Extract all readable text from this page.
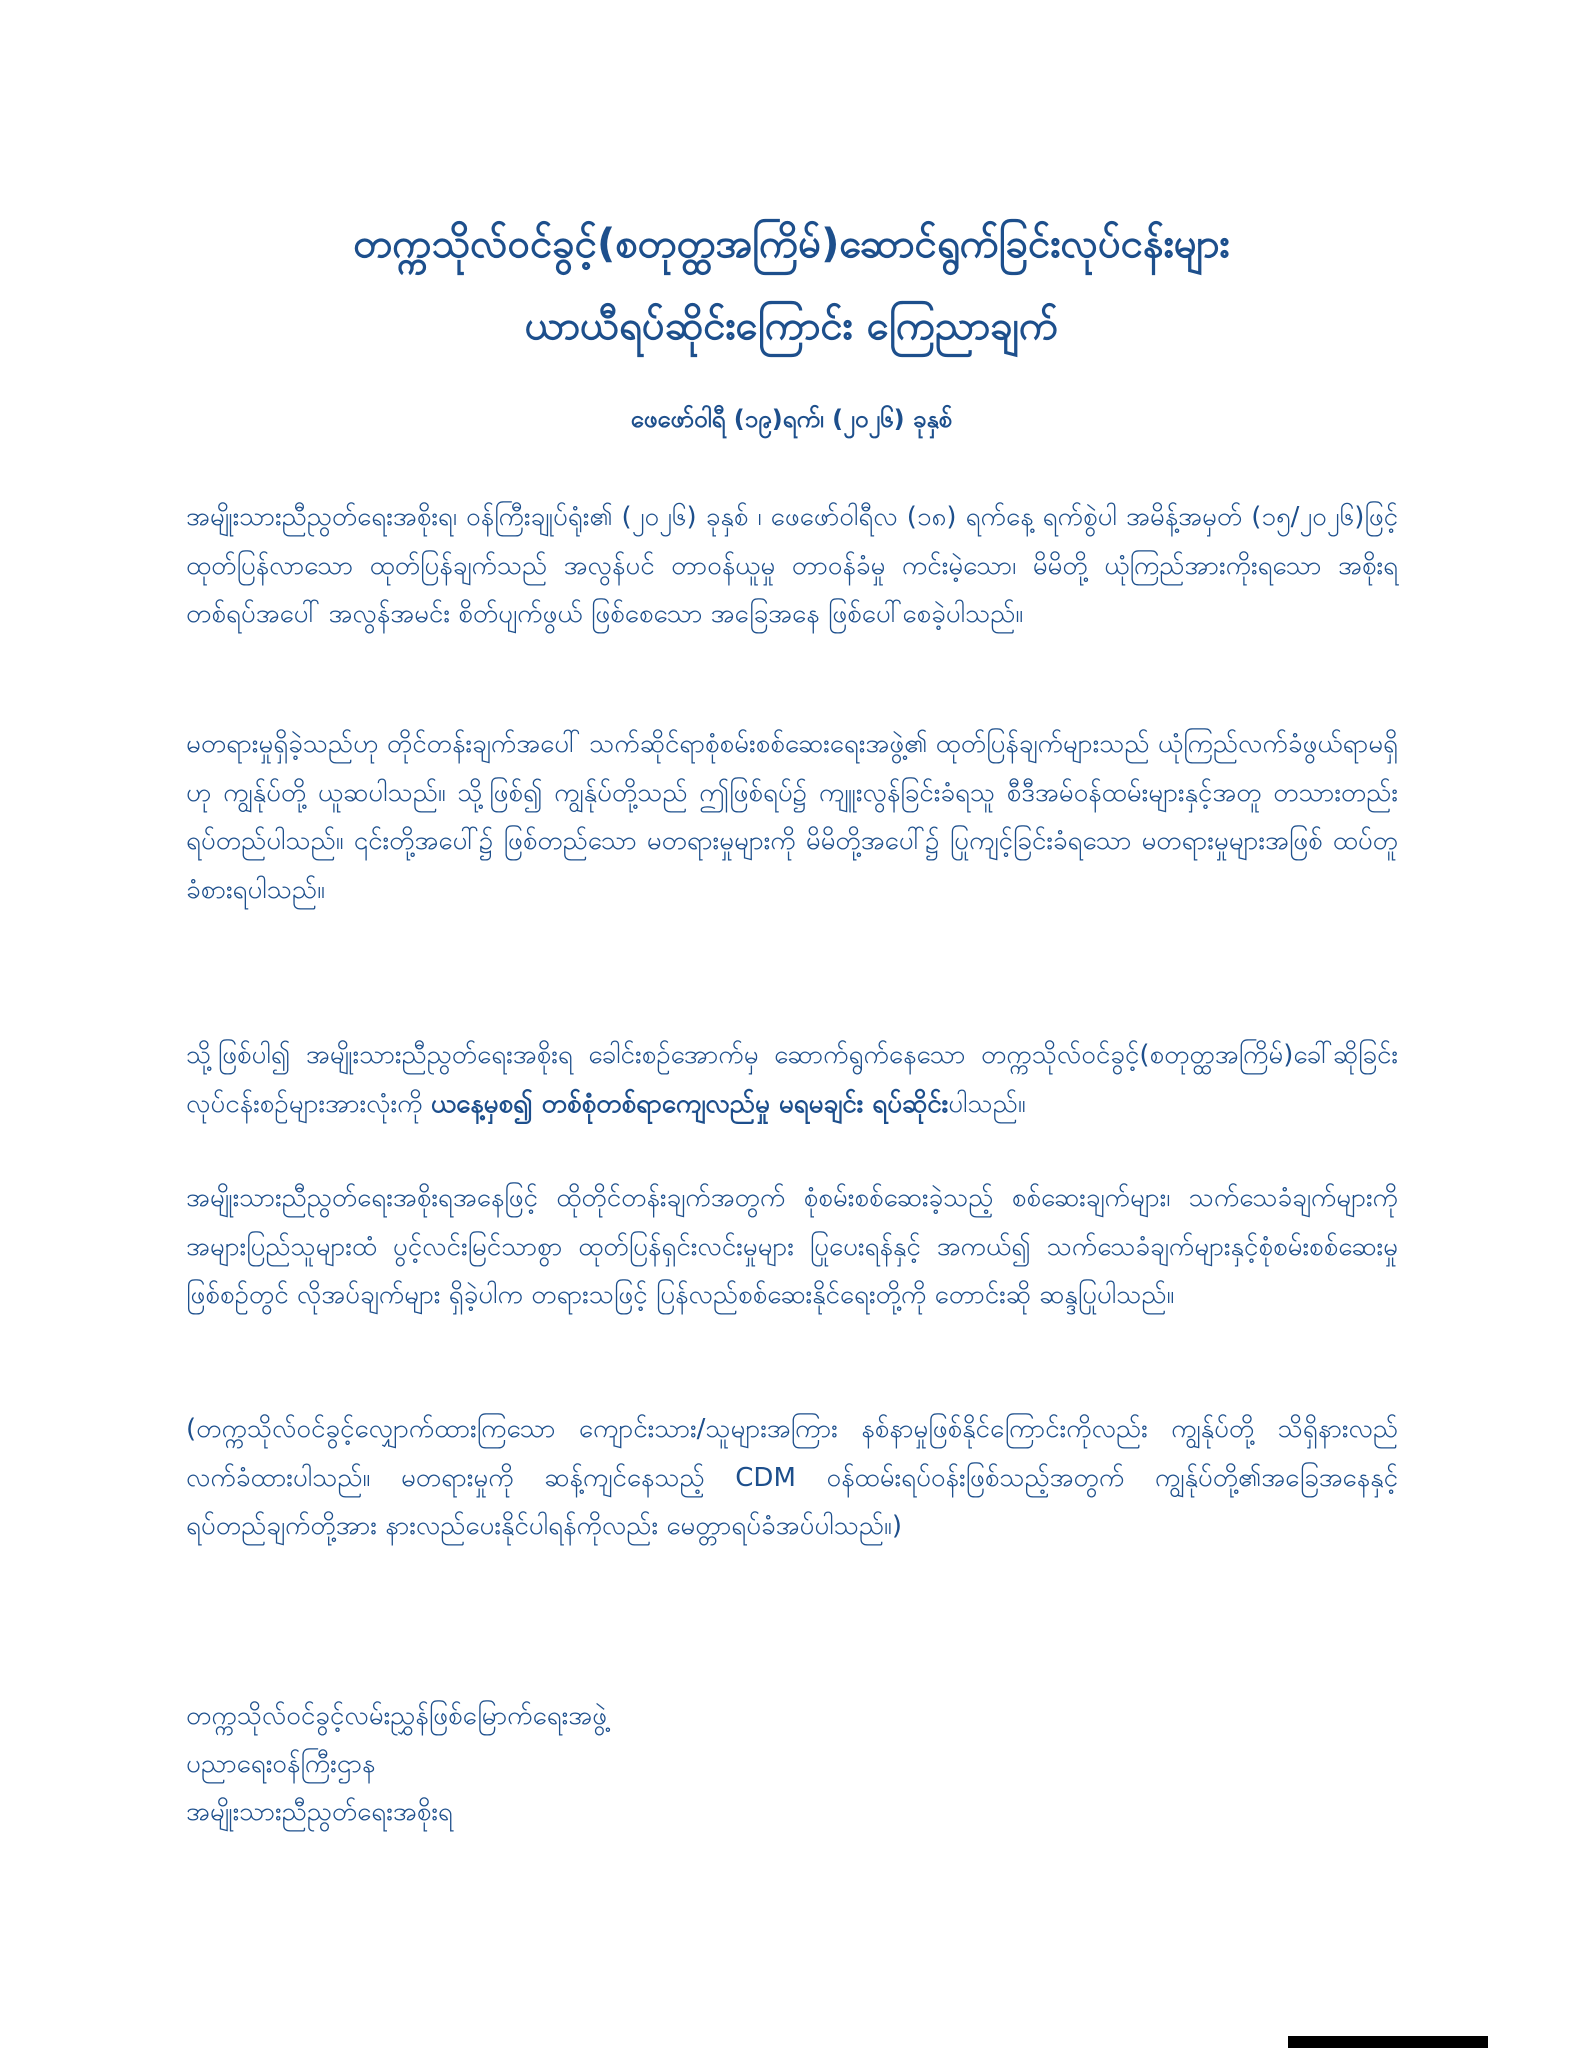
တက္ကသိုလ်ဝင်ခွင့်(စတုတ္ထအကြိမ်)ဆောင်ရွက်ခြင်းလုပ်ငန်းများ
ယာယီရပ်ဆိုင်းကြောင်း ကြေညာချက်
ဖေဖော်ဝါရီ (၁၉)ရက်၊ (၂၀၂၆) ခုနှစ်

အမျိုးသားညီညွတ်ရေးအစိုးရ၊ ဝန်ကြီးချုပ်ရုံး၏ (၂၀၂၆) ခုနှစ် ၊ ဖေဖော်ဝါရီလ (၁၈) ရက်နေ့ ရက်စွဲပါ အမိန့်အမှတ် (၁၅/၂၀၂၆)ဖြင့် ထုတ်ပြန်လာသော ထုတ်ပြန်ချက်သည် အလွန်ပင် တာဝန်ယူမှု တာဝန်ခံမှု ကင်းမဲ့သော၊ မိမိတို့ ယုံကြည်အားကိုးရသော အစိုးရတစ်ရပ်အပေါ် အလွန်အမင်း စိတ်ပျက်ဖွယ် ဖြစ်စေသော အခြေအနေ ဖြစ်ပေါ်စေခဲ့ပါသည်။

မတရားမှုရှိခဲ့သည်ဟု တိုင်တန်းချက်အပေါ် သက်ဆိုင်ရာစုံစမ်းစစ်ဆေးရေးအဖွဲ့၏ ထုတ်ပြန်ချက်များသည် ယုံကြည်လက်ခံဖွယ်ရာမရှိဟု ကျွန်ုပ်တို့ ယူဆပါသည်။ သို့ဖြစ်၍ ကျွန်ုပ်တို့သည် ဤဖြစ်ရပ်၌ ကျူးလွန်ခြင်းခံရသူ စီဒီအမ်ဝန်ထမ်းများနှင့်အတူ တသားတည်း ရပ်တည်ပါသည်။ ၎င်းတို့အပေါ်၌ ဖြစ်တည်သော မတရားမှုများကို မိမိတို့အပေါ်၌ ပြုကျင့်ခြင်းခံရသော မတရားမှုများအဖြစ် ထပ်တူခံစားရပါသည်။

သို့ဖြစ်ပါ၍ အမျိုးသားညီညွတ်ရေးအစိုးရ ခေါင်းစဉ်အောက်မှ ဆောက်ရွက်နေသော တက္ကသိုလ်ဝင်ခွင့်(စတုတ္ထအကြိမ်)ခေါ်ဆိုခြင်း လုပ်ငန်းစဉ်များအားလုံးကို ယနေ့မှစ၍ တစ်စုံတစ်ရာကျေလည်မှု မရမချင်း ရပ်ဆိုင်းပါသည်။

အမျိုးသားညီညွတ်ရေးအစိုးရအနေဖြင့် ထိုတိုင်တန်းချက်အတွက် စုံစမ်းစစ်ဆေးခဲ့သည့် စစ်ဆေးချက်များ၊ သက်သေခံချက်များကို အများပြည်သူများထံ ပွင့်လင်းမြင်သာစွာ ထုတ်ပြန်ရှင်းလင်းမှုများ ပြုပေးရန်နှင့် အကယ်၍ သက်သေခံချက်များနှင့်စုံစမ်းစစ်ဆေးမှုဖြစ်စဉ်တွင် လိုအပ်ချက်များ ရှိခဲ့ပါက တရားသဖြင့် ပြန်လည်စစ်ဆေးနိုင်ရေးတို့ကို တောင်းဆို ဆန္ဒပြုပါသည်။

(တက္ကသိုလ်ဝင်ခွင့်လျှောက်ထားကြသော ကျောင်းသား/သူများအကြား နစ်နာမှုဖြစ်နိုင်ကြောင်းကိုလည်း ကျွန်ုပ်တို့ သိရှိနားလည်လက်ခံထားပါသည်။ မတရားမှုကို ဆန့်ကျင်နေသည့် CDM ဝန်ထမ်းရပ်ဝန်းဖြစ်သည့်အတွက် ကျွန်ုပ်တို့၏အခြေအနေနှင့် ရပ်တည်ချက်တို့အား နားလည်ပေးနိုင်ပါရန်ကိုလည်း မေတ္တာရပ်ခံအပ်ပါသည်။)

တက္ကသိုလ်ဝင်ခွင့်လမ်းညွှန်ဖြစ်မြောက်ရေးအဖွဲ့
ပညာရေးဝန်ကြီးဌာန
အမျိုးသားညီညွတ်ရေးအစိုးရ
